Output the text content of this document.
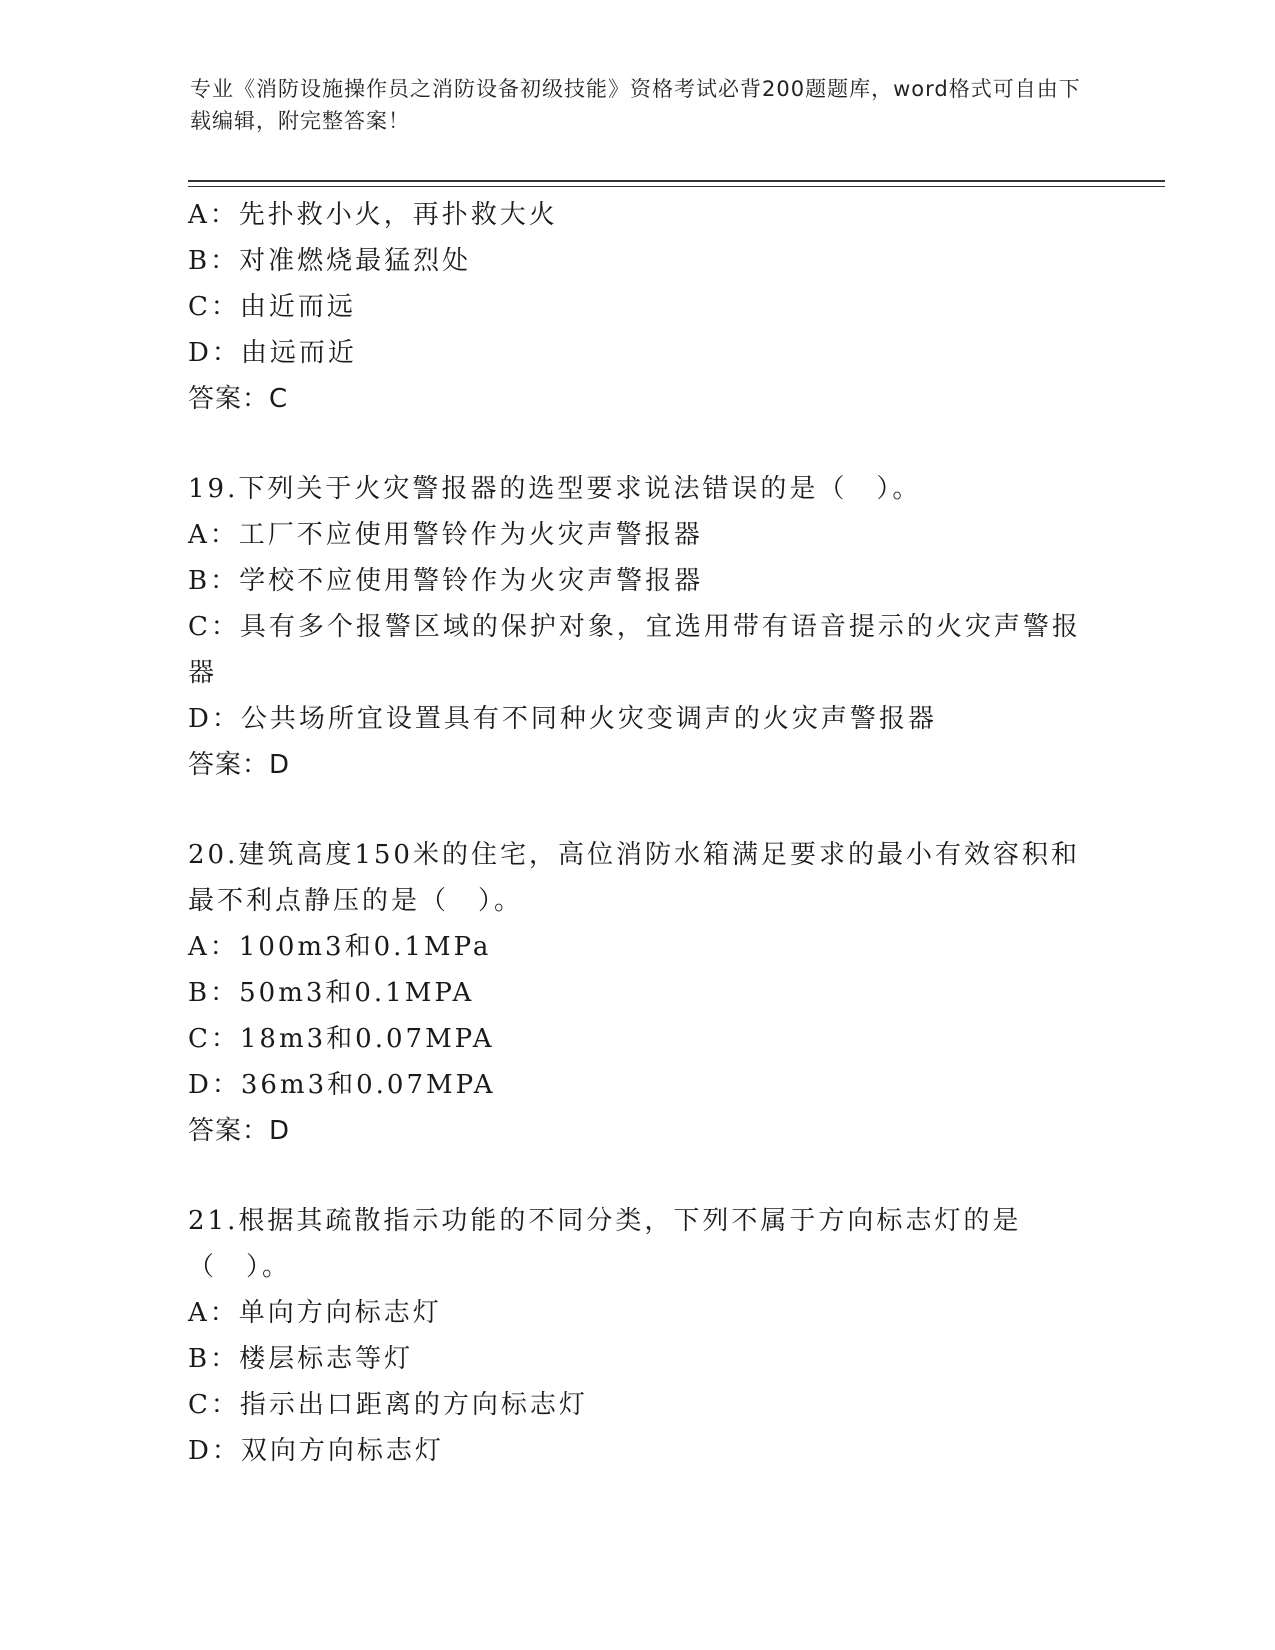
专业《消防设施操作员之消防设备初级技能》资格考试必背200题题库，word格式可自由下载编辑，附完整答案！
A：先扑救小火，再扑救大火
B：对准燃烧最猛烈处
C：由近而远
D：由远而近
答案：C
19.下列关于火灾警报器的选型要求说法错误的是（　）。
A：工厂不应使用警铃作为火灾声警报器
B：学校不应使用警铃作为火灾声警报器
C：具有多个报警区域的保护对象，宜选用带有语音提示的火灾声警报器
D：公共场所宜设置具有不同种火灾变调声的火灾声警报器
答案：D
20.建筑高度150米的住宅，高位消防水箱满足要求的最小有效容积和最不利点静压的是（　）。
A：100m3和0.1MPa
B：50m3和0.1MPA
C：18m3和0.07MPA
D：36m3和0.07MPA
答案：D
21.根据其疏散指示功能的不同分类，下列不属于方向标志灯的是（　）。
A：单向方向标志灯
B：楼层标志等灯
C：指示出口距离的方向标志灯
D：双向方向标志灯
